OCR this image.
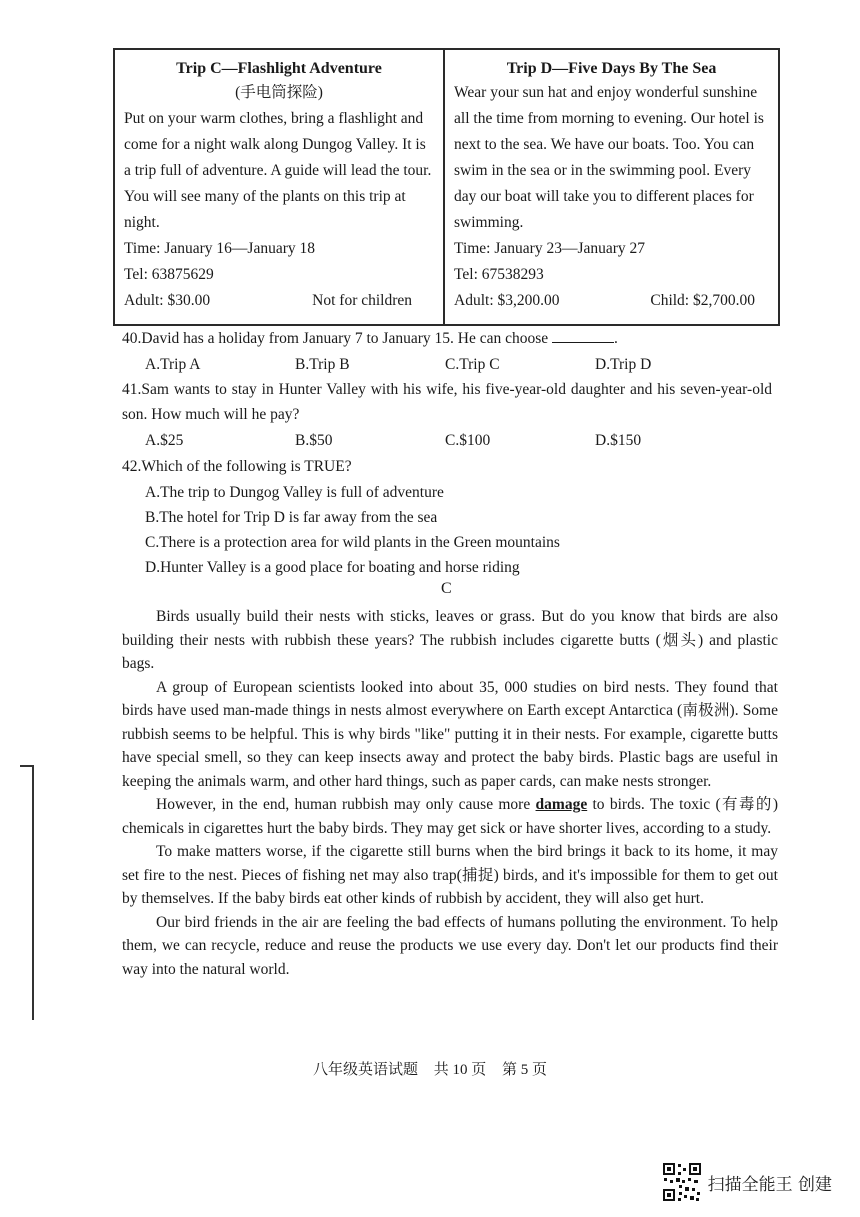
Trip C—Flashlight Adventure
(手电筒探险)
Put on your warm clothes, bring a flashlight and come for a night walk along Dungog Valley. It is a trip full of adventure. A guide will lead the tour. You will see many of the plants on this trip at night.
Time: January 16—January 18
Tel: 63875629
Adult: $30.00	Not for children
Trip D—Five Days By The Sea
Wear your sun hat and enjoy wonderful sunshine all the time from morning to evening. Our hotel is next to the sea. We have our boats. Too. You can swim in the sea or in the swimming pool. Every day our boat will take you to different places for swimming.
Time: January 23—January 27
Tel: 67538293
Adult: $3,200.00	Child: $2,700.00
40.David has a holiday from January 7 to January 15. He can choose	.
A.Trip A	B.Trip B	C.Trip C	D.Trip D
41.Sam wants to stay in Hunter Valley with his wife, his five-year-old daughter and his seven-year-old son. How much will he pay?
A.$25	B.$50	C.$100	D.$150
42.Which of the following is TRUE?
A.The trip to Dungog Valley is full of adventure
B.The hotel for Trip D is far away from the sea
C.There is a protection area for wild plants in the Green mountains
D.Hunter Valley is a good place for boating and horse riding
C

Birds usually build their nests with sticks, leaves or grass. But do you know that birds are also building their nests with rubbish these years? The rubbish includes cigarette butts (烟头) and plastic bags.

A group of European scientists looked into about 35, 000 studies on bird nests. They found that birds have used man-made things in nests almost everywhere on Earth except Antarctica (南极洲). Some rubbish seems to be helpful. This is why birds "like" putting it in their nests. For example, cigarette butts have special smell, so they can keep insects away and protect the baby birds. Plastic bags are useful in keeping the animals warm, and other hard things, such as paper cards, can make nests stronger.

However, in the end, human rubbish may only cause more damage to birds. The toxic (有毒的) chemicals in cigarettes hurt the baby birds. They may get sick or have shorter lives, according to a study.

To make matters worse, if the cigarette still burns when the bird brings it back to its home, it may set fire to the nest. Pieces of fishing net may also trap(捕捉) birds, and it's impossible for them to get out by themselves. If the baby birds eat other kinds of rubbish by accident, they will also get hurt.

Our bird friends in the air are feeling the bad effects of humans polluting the environment. To help them, we can recycle, reduce and reuse the products we use every day. Don't let our products find their way into the natural world.

八年级英语试题 共 10 页 第 5 页
扫描全能王 创建
